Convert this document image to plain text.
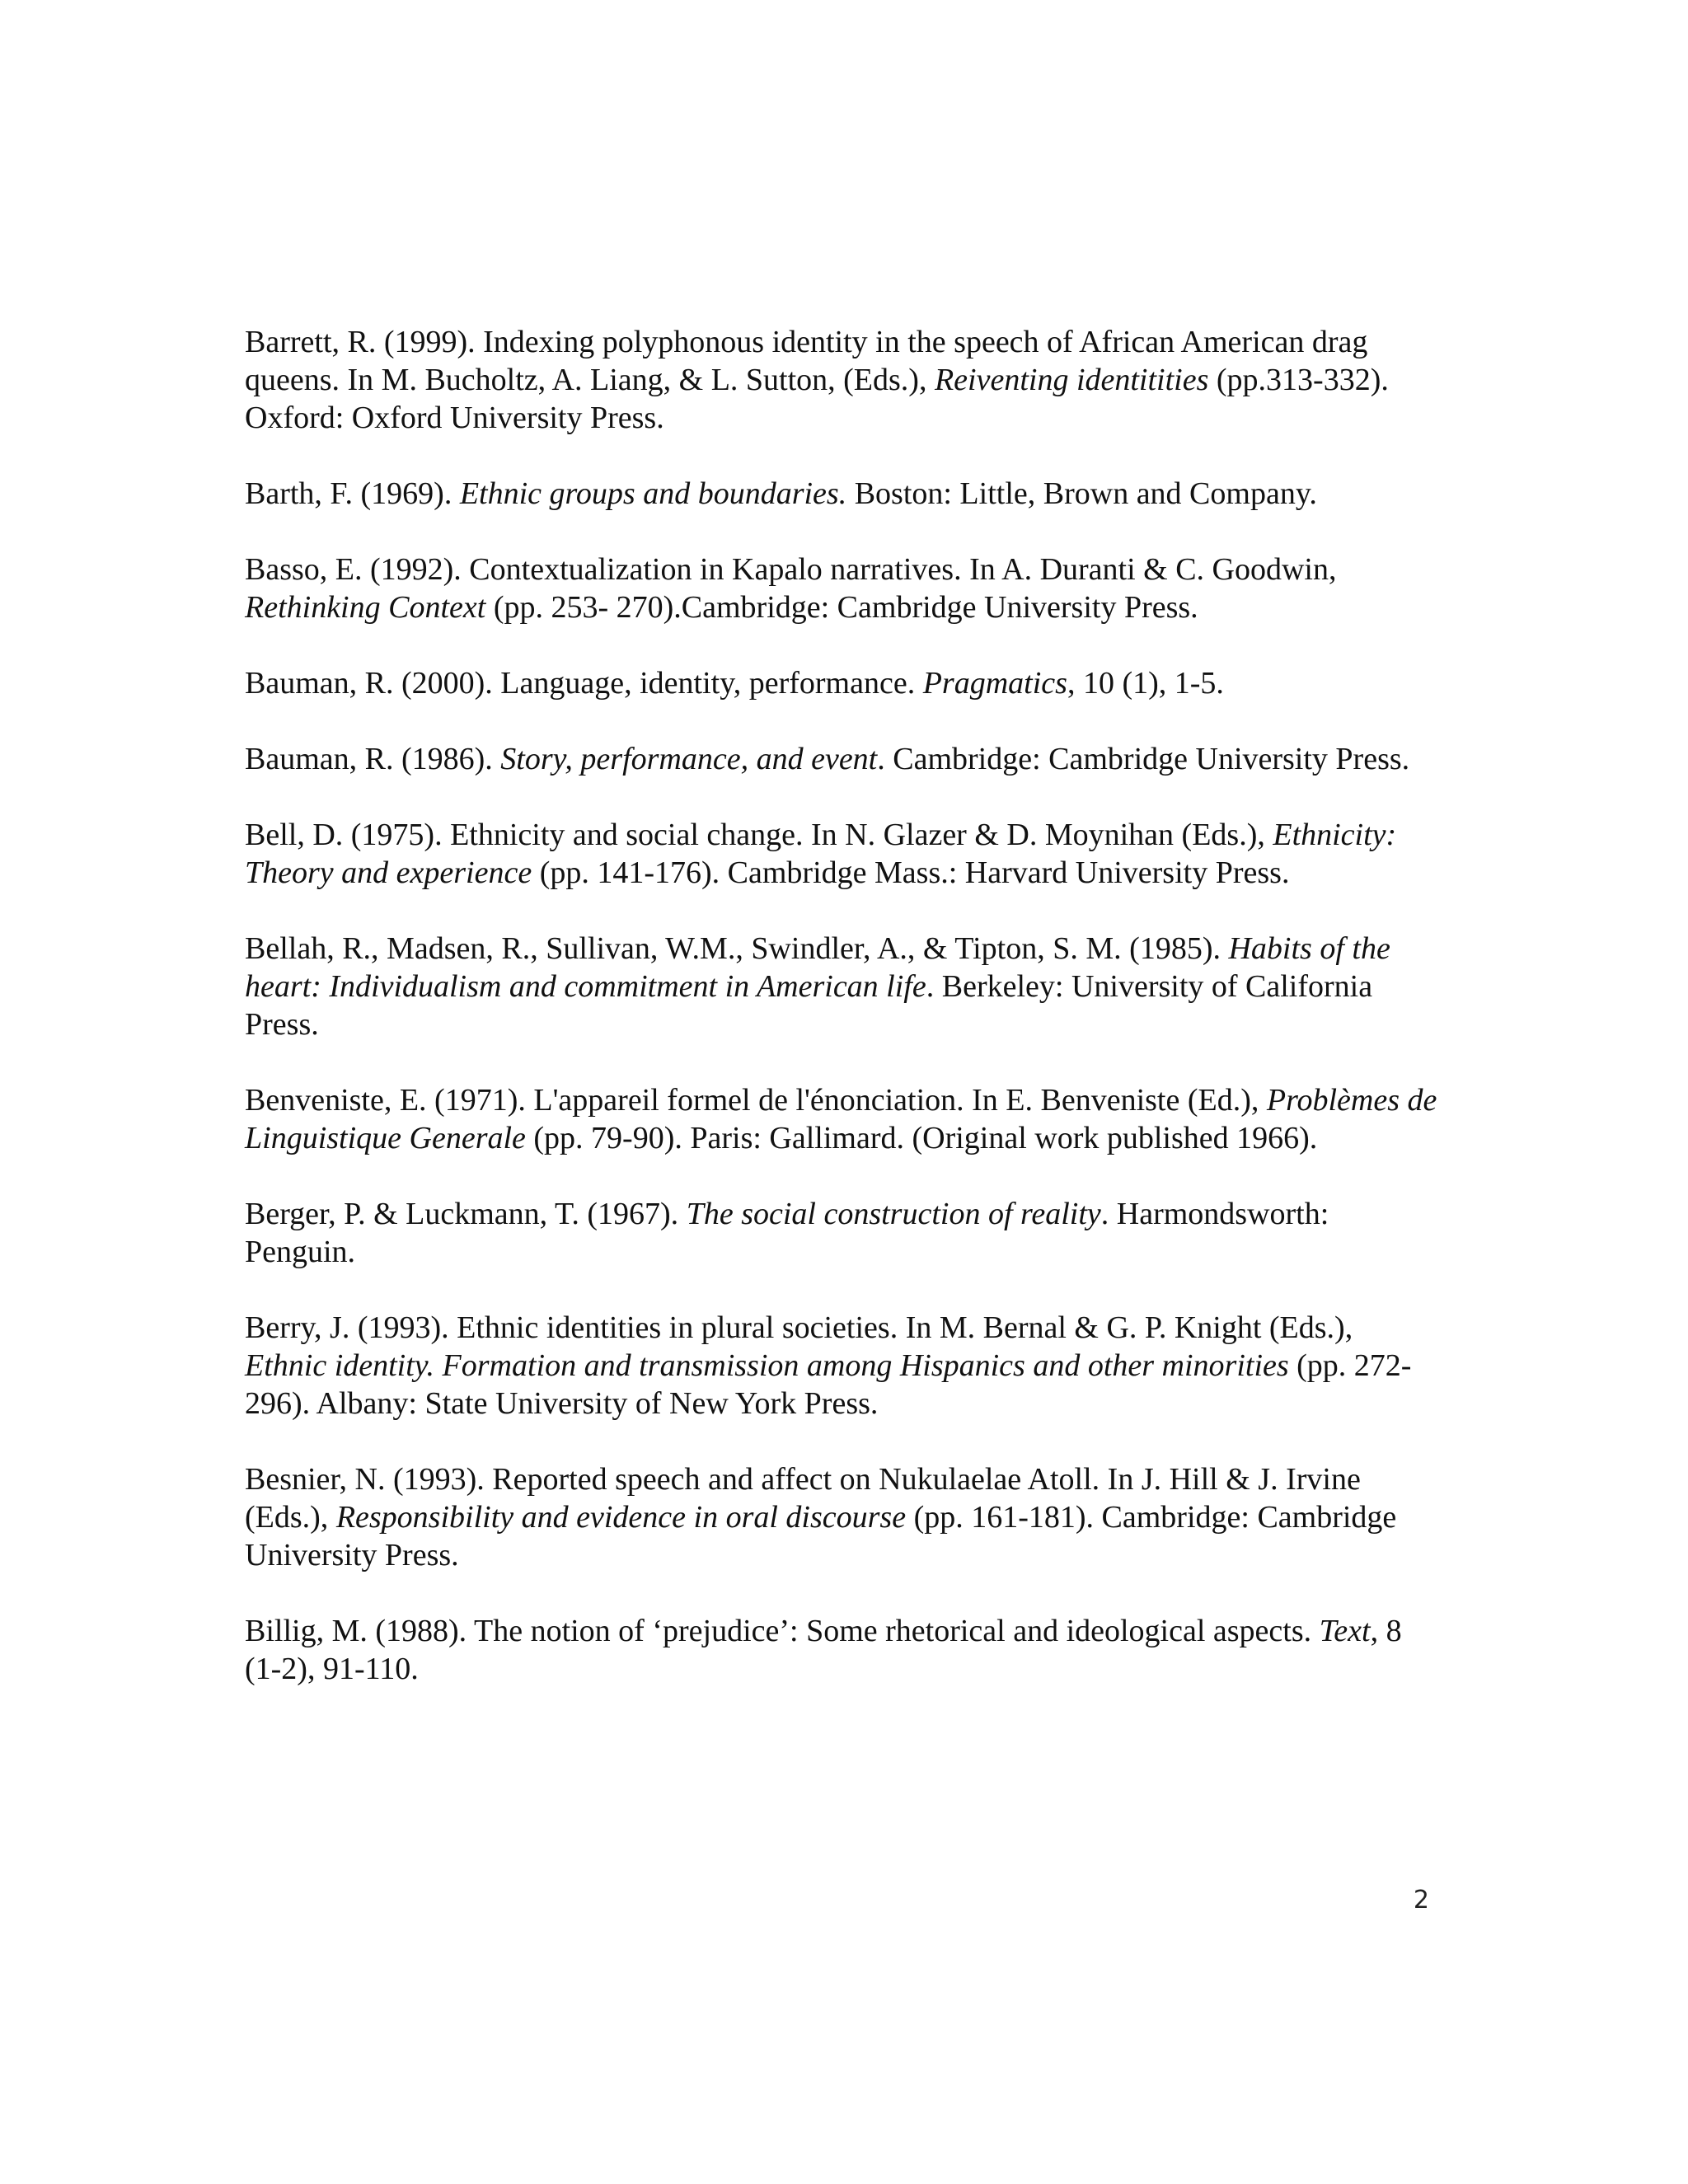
Barrett, R. (1999). Indexing polyphonous identity in the speech of African American drag queens. In M. Bucholtz, A. Liang, & L. Sutton, (Eds.), Reiventing identitities (pp.313-332). Oxford: Oxford University Press.

Barth, F. (1969). Ethnic groups and boundaries. Boston: Little, Brown and Company.

Basso, E. (1992). Contextualization in Kapalo narratives. In A. Duranti & C. Goodwin, Rethinking Context (pp. 253- 270).Cambridge: Cambridge University Press.

Bauman, R. (2000). Language, identity, performance. Pragmatics, 10 (1), 1-5.

Bauman, R. (1986). Story, performance, and event. Cambridge: Cambridge University Press.

Bell, D. (1975). Ethnicity and social change. In N. Glazer & D. Moynihan (Eds.), Ethnicity: Theory and experience (pp. 141-176). Cambridge Mass.: Harvard University Press.

Bellah, R., Madsen, R., Sullivan, W.M., Swindler, A., & Tipton, S. M. (1985). Habits of the heart: Individualism and commitment in American life. Berkeley: University of California Press.

Benveniste, E. (1971). L'appareil formel de l'énonciation. In E. Benveniste (Ed.), Problèmes de Linguistique Generale (pp. 79-90). Paris: Gallimard. (Original work published 1966).

Berger, P. & Luckmann, T. (1967). The social construction of reality. Harmondsworth: Penguin.

Berry, J. (1993). Ethnic identities in plural societies. In M. Bernal & G. P. Knight (Eds.), Ethnic identity. Formation and transmission among Hispanics and other minorities (pp. 272-296). Albany: State University of New York Press.

Besnier, N. (1993). Reported speech and affect on Nukulaelae Atoll. In J. Hill & J. Irvine (Eds.), Responsibility and evidence in oral discourse (pp. 161-181). Cambridge: Cambridge University Press.

Billig, M. (1988). The notion of ‘prejudice’: Some rhetorical and ideological aspects. Text, 8 (1-2), 91-110.

2
